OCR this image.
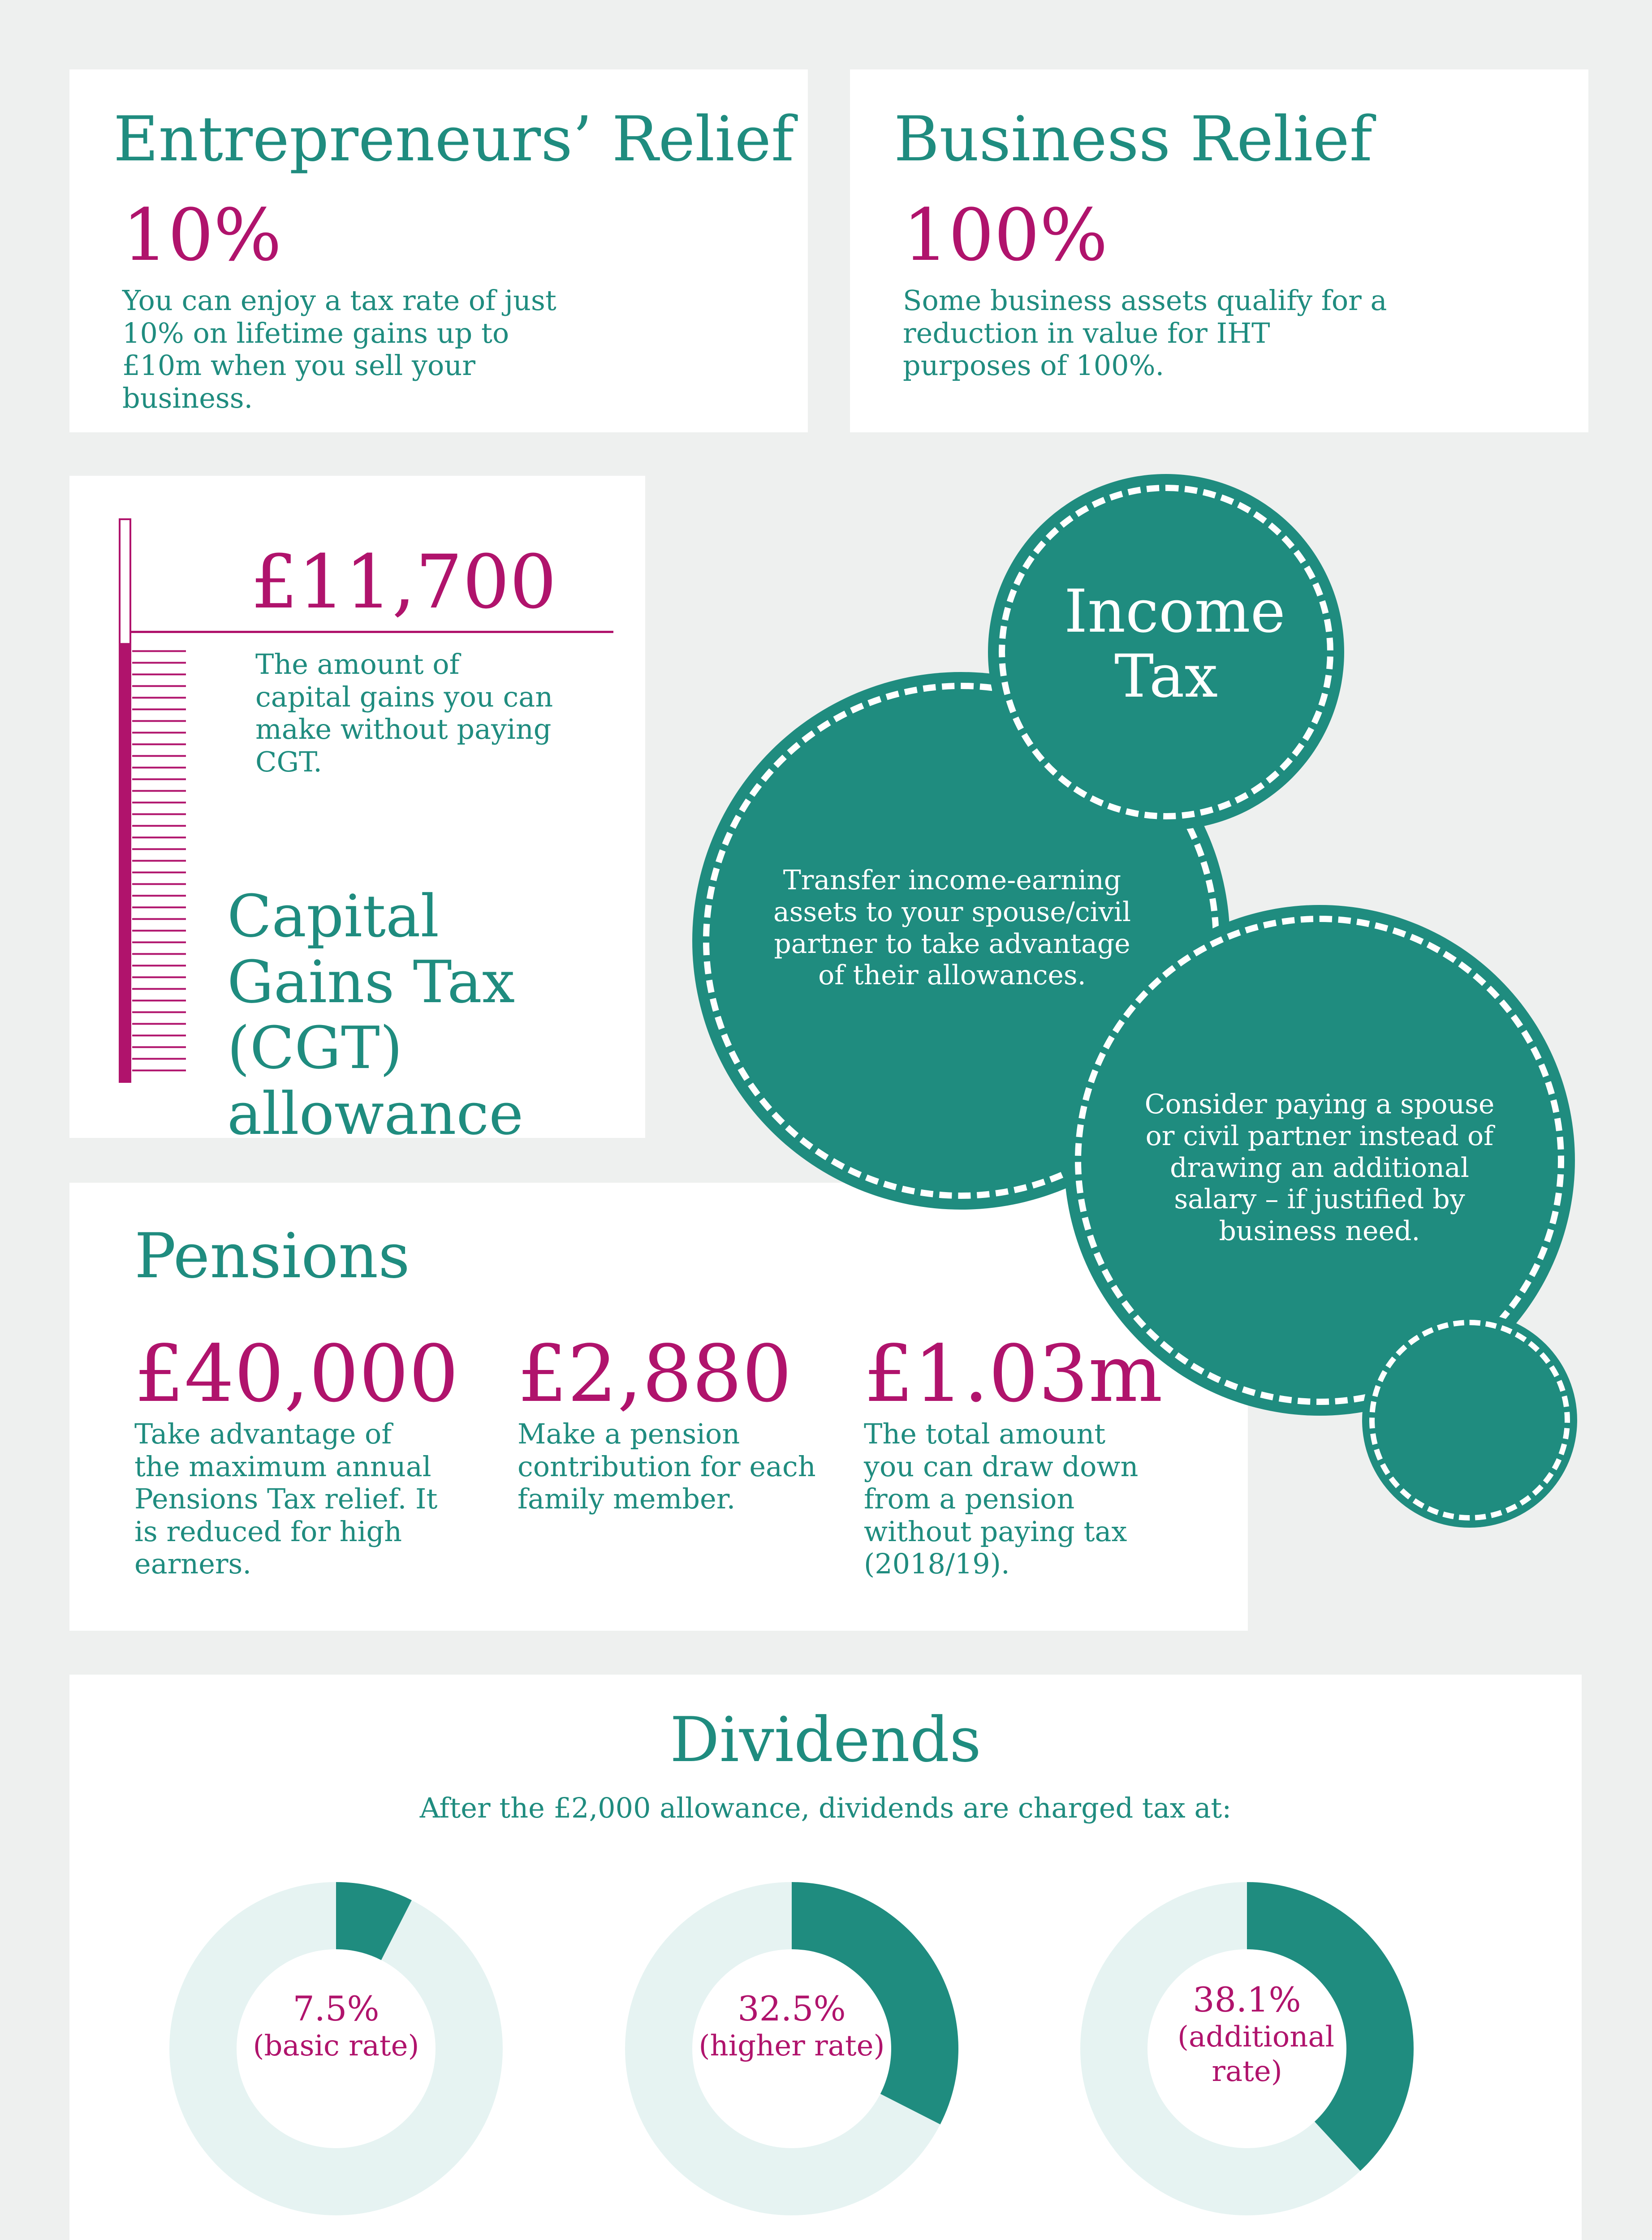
Entrepreneurs’ Relief
10%
You can enjoy a tax rate of just 10% on lifetime gains up to £10m when you sell your business.
Business Relief
100%
Some business assets qualify for a reduction in value for IHT purposes of 100%.
£11,700
The amount of capital gains you can make without paying CGT.
Capital Gains Tax (CGT) allowance
Pensions
£40,000
Take advantage of the maximum annual Pensions Tax relief. It is reduced for high earners.
£2,880
Make a pension contribution for each family member.
£1.03m
The total amount you can draw down from a pension without paying tax (2018/19).
Transfer income-earning assets to your spouse/civil partner to take advantage of their allowances.
Consider paying a spouse or civil partner instead of drawing an additional salary – if justified by business need.
Income Tax
Dividends
After the £2,000 allowance, dividends are charged tax at:
7.5%
(basic rate)
32.5%
(higher rate)
38.1%
(additional rate)
